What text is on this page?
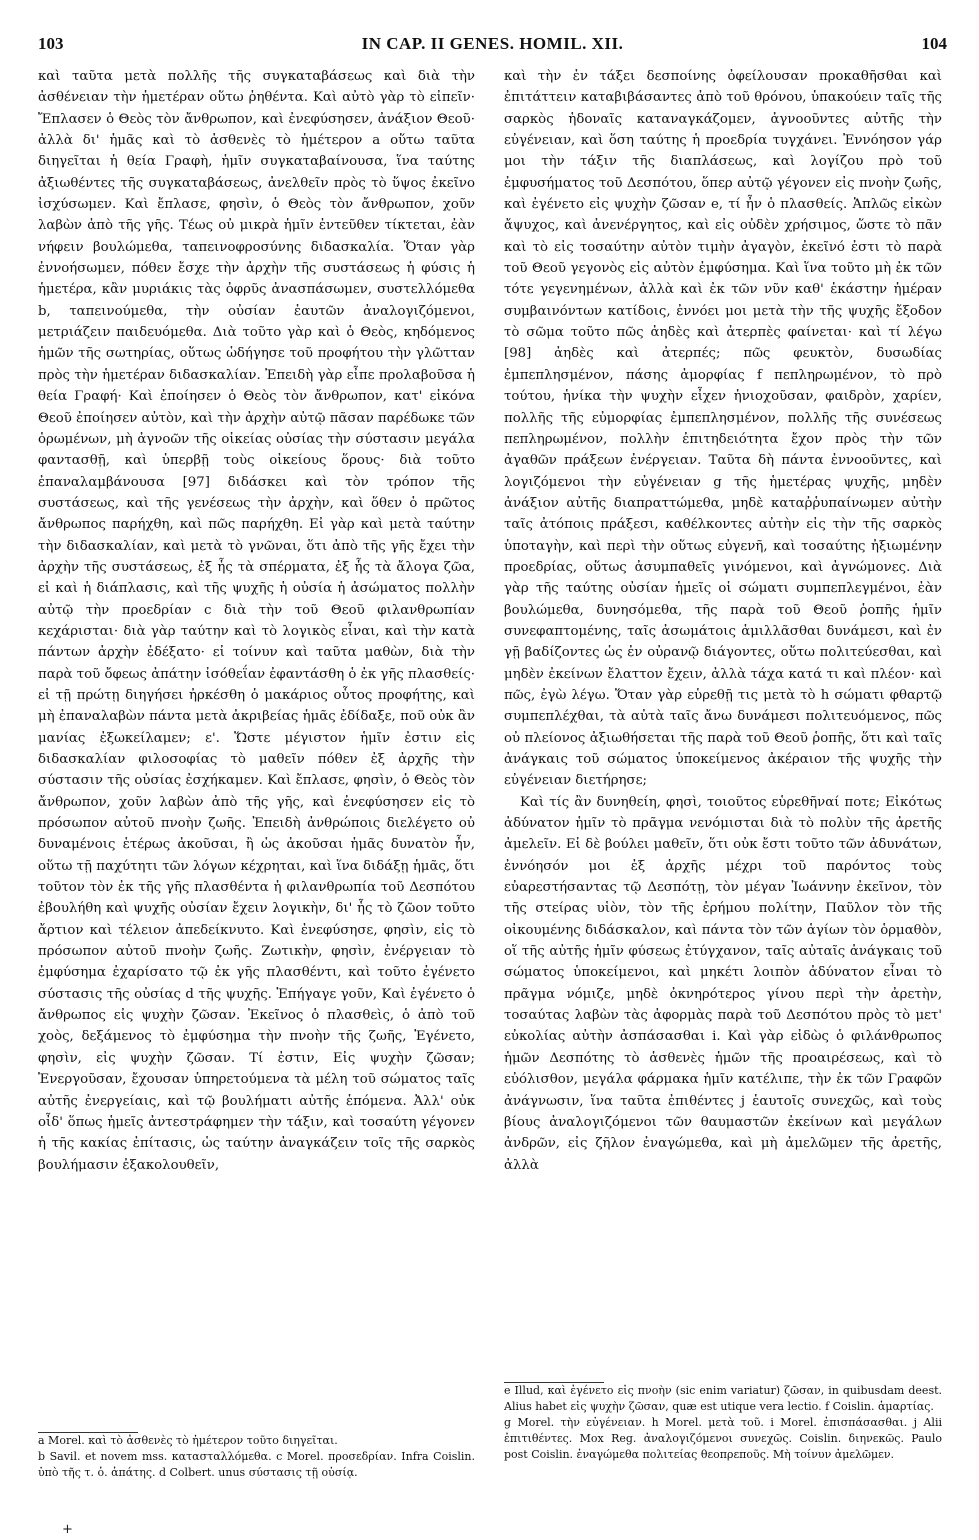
103	IN CAP. II GENES. HOMIL. XII.	104

καὶ ταῦτα μετὰ πολλῆς τῆς συγκαταβάσεως καὶ διὰ τὴν ἀσθένειαν τὴν ἡμετέραν οὕτω ῥηθέντα. Καὶ αὐτὸ γὰρ τὸ εἰπεῖν· Ἔπλασεν ὁ Θεὸς τὸν ἄνθρωπον, καὶ ἐνεφύσησεν, ἀνάξιον Θεοῦ· ἀλλὰ δι' ἡμᾶς καὶ τὸ ἀσθενὲς τὸ ἡμέτερον a οὕτω ταῦτα διηγεῖται ἡ θεία Γραφὴ, ἡμῖν συγκαταβαίνουσα, ἵνα ταύτης ἀξιωθέντες τῆς συγκαταβάσεως, ἀνελθεῖν πρὸς τὸ ὕψος ἐκεῖνο ἰσχύσωμεν. Καὶ ἔπλασε, φησὶν, ὁ Θεὸς τὸν ἄνθρωπον, χοῦν λαβὼν ἀπὸ τῆς γῆς. Τέως οὐ μικρὰ ἡμῖν ἐντεῦθεν τίκτεται, ἐὰν νήφειν βουλώμεθα, ταπεινοφροσύνης διδασκαλία. Ὅταν γὰρ ἐννοήσωμεν, πόθεν ἔσχε τὴν ἀρχὴν τῆς συστάσεως ἡ φύσις ἡ ἡμετέρα, κἂν μυριάκις τὰς ὀφρῦς ἀνασπάσωμεν, συστελλόμεθα b, ταπεινούμεθα, τὴν οὐσίαν ἑαυτῶν ἀναλογιζόμενοι, μετριάζειν παιδευόμεθα. Διὰ τοῦτο γὰρ καὶ ὁ Θεὸς, κηδόμενος ἡμῶν τῆς σωτηρίας, οὕτως ὡδήγησε τοῦ προφήτου τὴν γλῶτταν πρὸς τὴν ἡμετέραν διδασκαλίαν. Ἐπειδὴ γὰρ εἶπε προλαβοῦσα ἡ θεία Γραφή· Καὶ ἐποίησεν ὁ Θεὸς τὸν ἄνθρωπον, κατ' εἰκόνα Θεοῦ ἐποίησεν αὐτὸν, καὶ τὴν ἀρχὴν αὐτῷ πᾶσαν παρέδωκε τῶν ὁρωμένων, μὴ ἀγνοῶν τῆς οἰκείας οὐσίας τὴν σύστασιν μεγάλα φαντασθῇ, καὶ ὑπερβῇ τοὺς οἰκείους ὅρους· διὰ τοῦτο ἐπαναλαμβάνουσα [97] διδάσκει καὶ τὸν τρόπον τῆς συστάσεως, καὶ τῆς γενέσεως τὴν ἀρχὴν, καὶ ὅθεν ὁ πρῶτος ἄνθρωπος παρήχθη, καὶ πῶς παρήχθη. Εἰ γὰρ καὶ μετὰ ταύτην τὴν διδασκαλίαν, καὶ μετὰ τὸ γνῶναι, ὅτι ἀπὸ τῆς γῆς ἔχει τὴν ἀρχὴν τῆς συστάσεως, ἐξ ἧς τὰ σπέρματα, ἐξ ἧς τὰ ἄλογα ζῶα, εἰ καὶ ἡ διάπλασις, καὶ τῆς ψυχῆς ἡ οὐσία ἡ ἀσώματος πολλὴν αὐτῷ τὴν προεδρίαν c διὰ τὴν τοῦ Θεοῦ φιλανθρωπίαν κεχάρισται· διὰ γὰρ ταύτην καὶ τὸ λογικὸς εἶναι, καὶ τὴν κατὰ πάντων ἀρχὴν ἐδέξατο· εἰ τοίνυν καὶ ταῦτα μαθὼν, διὰ τὴν παρὰ τοῦ ὄφεως ἀπάτην ἰσόθεΐαν ἐφαντάσθη ὁ ἐκ γῆς πλασθείς· εἰ τῇ πρώτῃ διηγήσει ἠρκέσθη ὁ μακάριος οὗτος προφήτης, καὶ μὴ ἐπαναλαβὼν πάντα μετὰ ἀκριβείας ἡμᾶς ἐδίδαξε, ποῦ οὐκ ἂν μανίας ἐξωκείλαμεν; ε'. Ὥστε μέγιστον ἡμῖν ἐστιν εἰς διδασκαλίαν φιλοσοφίας τὸ μαθεῖν πόθεν ἐξ ἀρχῆς τὴν σύστασιν τῆς οὐσίας ἐσχήκαμεν. Καὶ ἔπλασε, φησὶν, ὁ Θεὸς τὸν ἄνθρωπον, χοῦν λαβὼν ἀπὸ τῆς γῆς, καὶ ἐνεφύσησεν εἰς τὸ πρόσωπον αὐτοῦ πνοὴν ζωῆς. Ἐπειδὴ ἀνθρώποις διελέγετο οὐ δυναμένοις ἑτέρως ἀκοῦσαι, ἢ ὡς ἀκοῦσαι ἡμᾶς δυνατὸν ἦν, οὕτω τῇ παχύτητι τῶν λόγων κέχρηται, καὶ ἵνα διδάξῃ ἡμᾶς, ὅτι τοῦτον τὸν ἐκ τῆς γῆς πλασθέντα ἡ φιλανθρωπία τοῦ Δεσπότου ἐβουλήθη καὶ ψυχῆς οὐσίαν ἔχειν λογικὴν, δι' ἧς τὸ ζῶον τοῦτο ἄρτιον καὶ τέλειον ἀπεδείκνυτο. Καὶ ἐνεφύσησε, φησὶν, εἰς τὸ πρόσωπον αὐτοῦ πνοὴν ζωῆς. Ζωτικὴν, φησὶν, ἐνέργειαν τὸ ἐμφύσημα ἐχαρίσατο τῷ ἐκ γῆς πλασθέντι, καὶ τοῦτο ἐγένετο σύστασις τῆς οὐσίας d τῆς ψυχῆς. Ἐπήγαγε γοῦν, Καὶ ἐγένετο ὁ ἄνθρωπος εἰς ψυχὴν ζῶσαν. Ἐκεῖνος ὁ πλασθεὶς, ὁ ἀπὸ τοῦ χοὸς, δεξάμενος τὸ ἐμφύσημα τὴν πνοὴν τῆς ζωῆς, Ἐγένετο, φησὶν, εἰς ψυχὴν ζῶσαν. Τί ἐστιν, Εἰς ψυχὴν ζῶσαν; Ἐνεργοῦσαν, ἔχουσαν ὑπηρετούμενα τὰ μέλη τοῦ σώματος ταῖς αὐτῆς ἐνεργείαις, καὶ τῷ βουλήματι αὐτῆς ἑπόμενα. Ἀλλ' οὐκ οἶδ' ὅπως ἡμεῖς ἀντεστράφημεν τὴν τάξιν, καὶ τοσαύτη γέγονεν ἡ τῆς κακίας ἐπίτασις, ὡς ταύτην ἀναγκάζειν τοῖς τῆς σαρκὸς βουλήμασιν ἐξακολουθεῖν,

καὶ τὴν ἐν τάξει δεσποίνης ὀφείλουσαν προκαθῆσθαι καὶ ἐπιτάττειν καταβιβάσαντες ἀπὸ τοῦ θρόνου, ὑπακούειν ταῖς τῆς σαρκὸς ἡδοναῖς καταναγκάζομεν, ἀγνοοῦντες αὐτῆς τὴν εὐγένειαν, καὶ ὅση ταύτης ἡ προεδρία τυγχάνει. Ἐννόησον γάρ μοι τὴν τάξιν τῆς διαπλάσεως, καὶ λογίζου πρὸ τοῦ ἐμφυσήματος τοῦ Δεσπότου, ὅπερ αὐτῷ γέγονεν εἰς πνοὴν ζωῆς, καὶ ἐγένετο εἰς ψυχὴν ζῶσαν e, τί ἦν ὁ πλασθείς. Ἁπλῶς εἰκὼν ἄψυχος, καὶ ἀνενέργητος, καὶ εἰς οὐδὲν χρήσιμος, ὥστε τὸ πᾶν καὶ τὸ εἰς τοσαύτην αὐτὸν τιμὴν ἀγαγὸν, ἐκεῖνό ἐστι τὸ παρὰ τοῦ Θεοῦ γεγονὸς εἰς αὐτὸν ἐμφύσημα. Καὶ ἵνα τοῦτο μὴ ἐκ τῶν τότε γεγενημένων, ἀλλὰ καὶ ἐκ τῶν νῦν καθ' ἑκάστην ἡμέραν συμβαινόντων κατίδοις, ἐννόει μοι μετὰ τὴν τῆς ψυχῆς ἔξοδον τὸ σῶμα τοῦτο πῶς ἀηδὲς καὶ ἀτερπὲς φαίνεται· καὶ τί λέγω [98] ἀηδὲς καὶ ἀτερπές; πῶς φευκτὸν, δυσωδίας ἐμπεπλησμένον, πάσης ἀμορφίας f πεπληρωμένον, τὸ πρὸ τούτου, ἡνίκα τὴν ψυχὴν εἶχεν ἡνιοχοῦσαν, φαιδρὸν, χαρίεν, πολλῆς τῆς εὐμορφίας ἐμπεπλησμένον, πολλῆς τῆς συνέσεως πεπληρωμένον, πολλὴν ἐπιτηδειότητα ἔχον πρὸς τὴν τῶν ἀγαθῶν πράξεων ἐνέργειαν. Ταῦτα δὴ πάντα ἐννοοῦντες, καὶ λογιζόμενοι τὴν εὐγένειαν g τῆς ἡμετέρας ψυχῆς, μηδὲν ἀνάξιον αὐτῆς διαπραττώμεθα, μηδὲ καταῤῥυπαίνωμεν αὐτὴν ταῖς ἀτόποις πράξεσι, καθέλκοντες αὐτὴν εἰς τὴν τῆς σαρκὸς ὑποταγὴν, καὶ περὶ τὴν οὕτως εὐγενῆ, καὶ τοσαύτης ἠξιωμένην προεδρίας, οὕτως ἀσυμπαθεῖς γινόμενοι, καὶ ἀγνώμονες. Διὰ γὰρ τῆς ταύτης οὐσίαν ἡμεῖς οἱ σώματι συμπεπλεγμένοι, ἐὰν βουλώμεθα, δυνησόμεθα, τῆς παρὰ τοῦ Θεοῦ ῥοπῆς ἡμῖν συνεφαπτομένης, ταῖς ἀσωμάτοις ἁμιλλᾶσθαι δυνάμεσι, καὶ ἐν γῇ βαδίζοντες ὡς ἐν οὐρανῷ διάγοντες, οὕτω πολιτεύεσθαι, καὶ μηδὲν ἐκείνων ἔλαττον ἔχειν, ἀλλὰ τάχα κατά τι καὶ πλέον· καὶ πῶς, ἐγὼ λέγω. Ὅταν γὰρ εὑρεθῇ τις μετὰ τὸ h σώματι φθαρτῷ συμπεπλέχθαι, τὰ αὐτὰ ταῖς ἄνω δυνάμεσι πολιτευόμενος, πῶς οὐ πλείονος ἀξιωθήσεται τῆς παρὰ τοῦ Θεοῦ ῥοπῆς, ὅτι καὶ ταῖς ἀνάγκαις τοῦ σώματος ὑποκείμενος ἀκέραιον τῆς ψυχῆς τὴν εὐγένειαν διετήρησε;

Καὶ τίς ἂν δυνηθείη, φησὶ, τοιοῦτος εὑρεθῆναί ποτε; Εἰκότως ἀδύνατον ἡμῖν τὸ πρᾶγμα νενόμισται διὰ τὸ πολὺν τῆς ἀρετῆς ἀμελεῖν. Εἰ δὲ βούλει μαθεῖν, ὅτι οὐκ ἔστι τοῦτο τῶν ἀδυνάτων, ἐννόησόν μοι ἐξ ἀρχῆς μέχρι τοῦ παρόντος τοὺς εὐαρεστήσαντας τῷ Δεσπότῃ, τὸν μέγαν Ἰωάννην ἐκεῖνον, τὸν τῆς στείρας υἱὸν, τὸν τῆς ἐρήμου πολίτην, Παῦλον τὸν τῆς οἰκουμένης διδάσκαλον, καὶ πάντα τὸν τῶν ἁγίων τὸν ὁρμαθὸν, οἵ τῆς αὐτῆς ἡμῖν φύσεως ἐτύγχανον, ταῖς αὐταῖς ἀνάγκαις τοῦ σώματος ὑποκείμενοι, καὶ μηκέτι λοιπὸν ἀδύνατον εἶναι τὸ πρᾶγμα νόμιζε, μηδὲ ὀκνηρότερος γίνου περὶ τὴν ἀρετὴν, τοσαύτας λαβὼν τὰς ἀφορμὰς παρὰ τοῦ Δεσπότου πρὸς τὸ μετ' εὐκολίας αὐτὴν ἀσπάσασθαι i. Καὶ γὰρ εἰδὼς ὁ φιλάνθρωπος ἡμῶν Δεσπότης τὸ ἀσθενὲς ἡμῶν τῆς προαιρέσεως, καὶ τὸ εὐόλισθον, μεγάλα φάρμακα ἡμῖν κατέλιπε, τὴν ἐκ τῶν Γραφῶν ἀνάγνωσιν, ἵνα ταῦτα ἐπιθέντες j ἑαυτοῖς συνεχῶς, καὶ τοὺς βίους ἀναλογιζόμενοι τῶν θαυμαστῶν ἐκείνων καὶ μεγάλων ἀνδρῶν, εἰς ζῆλον ἐναγώμεθα, καὶ μὴ ἀμελῶμεν τῆς ἀρετῆς, ἀλλὰ

a Morel. καὶ τὸ ἀσθενὲς τὸ ἡμέτερον τοῦτο διηγεῖται.

b Savil. et novem mss. κατασταλλόμεθα. c Morel. προσεδρίαν. Infra Coislin. ὑπὸ τῆς τ. ὁ. ἀπάτης. d Colbert. unus σύστασις τῇ οὐσίᾳ.

e Illud, καὶ ἐγένετο εἰς πνοὴν (sic enim variatur) ζῶσαν, in quibusdam deest. Alius habet εἰς ψυχὴν ζῶσαν, quæ est utique vera lectio. f Coislin. ἁμαρτίας.

g Morel. τὴν εὐγένειαν. h Morel. μετὰ τοῦ. i Morel. ἐπισπάσασθαι. j Alii ἐπιτιθέντες. Mox Reg. ἀναλογιζόμενοι συνεχῶς. Coislin. διηνεκῶς. Paulo post Coislin. ἐναγώμεθα πολιτείας θεοπρεποῦς. Μὴ τοίνυν ἀμελῶμεν.

+
